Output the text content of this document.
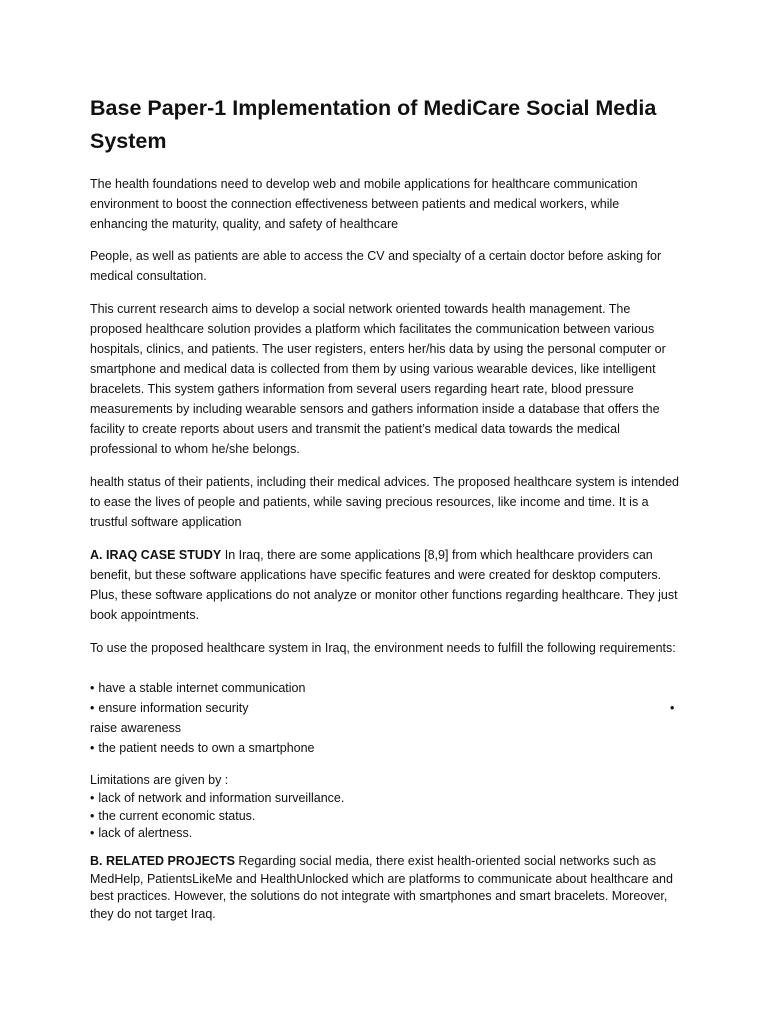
Base Paper-1 Implementation of MediCare Social Media System

The health foundations need to develop web and mobile applications for healthcare communication environment to boost the connection effectiveness between patients and medical workers, while enhancing the maturity, quality, and safety of healthcare

People, as well as patients are able to access the CV and specialty of a certain doctor before asking for medical consultation.

This current research aims to develop a social network oriented towards health management. The proposed healthcare solution provides a platform which facilitates the communication between various hospitals, clinics, and patients. The user registers, enters her/his data by using the personal computer or smartphone and medical data is collected from them by using various wearable devices, like intelligent bracelets. This system gathers information from several users regarding heart rate, blood pressure measurements by including wearable sensors and gathers information inside a database that offers the facility to create reports about users and transmit the patient’s medical data towards the medical professional to whom he/she belongs.

health status of their patients, including their medical advices. The proposed healthcare system is intended to ease the lives of people and patients, while saving precious resources, like income and time. It is a trustful software application

A. IRAQ CASE STUDY In Iraq, there are some applications [8,9] from which healthcare providers can benefit, but these software applications have specific features and were created for desktop computers. Plus, these software applications do not analyze or monitor other functions regarding healthcare. They just book appointments.

To use the proposed healthcare system in Iraq, the environment needs to fulfill the following requirements:

• have a stable internet communication
• ensure information security
raise awareness
• the patient needs to own a smartphone
•

Limitations are given by :

• lack of network and information surveillance.
• the current economic status.
• lack of alertness.

B. RELATED PROJECTS Regarding social media, there exist health-oriented social networks such as MedHelp, PatientsLikeMe and HealthUnlocked which are platforms to communicate about healthcare and best practices. However, the solutions do not integrate with smartphones and smart bracelets. Moreover, they do not target Iraq.
